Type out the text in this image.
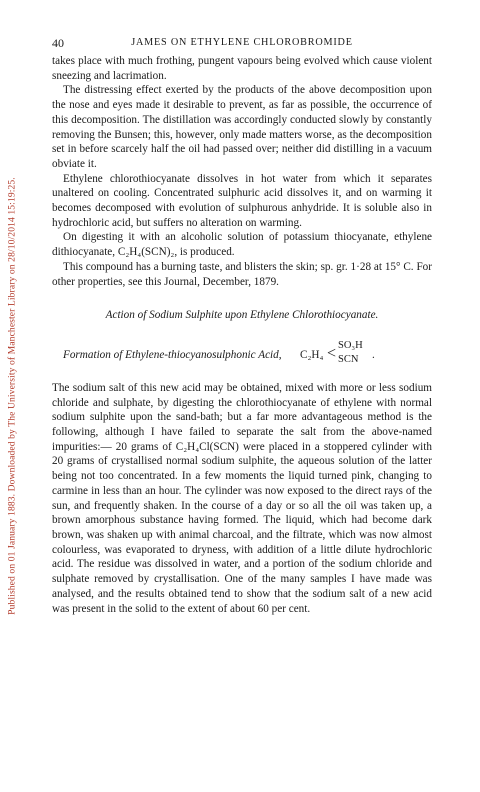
Published on 01 January 1883. Downloaded by The University of Manchester Library on 28/10/2014 15:19:25.
40	JAMES ON ETHYLENE CHLOROBROMIDE

takes place with much frothing, pungent vapours being evolved which cause violent sneezing and lacrimation.

The distressing effect exerted by the products of the above decomposition upon the nose and eyes made it desirable to prevent, as far as possible, the occurrence of this decomposition. The distillation was accordingly conducted slowly by constantly removing the Bunsen; this, however, only made matters worse, as the decomposition set in before scarcely half the oil had passed over; neither did distilling in a vacuum obviate it.

Ethylene chlorothiocyanate dissolves in hot water from which it separates unaltered on cooling. Concentrated sulphuric acid dissolves it, and on warming it becomes decomposed with evolution of sulphurous anhydride. It is soluble also in hydrochloric acid, but suffers no alteration on warming.

On digesting it with an alcoholic solution of potassium thiocyanate, ethylene dithiocyanate, C₂H₄(SCN)₂, is produced.

This compound has a burning taste, and blisters the skin; sp. gr. 1·28 at 15° C. For other properties, see this Journal, December, 1879.

Action of Sodium Sulphite upon Ethylene Chlorothiocyanate.

Formation of Ethylene-thiocyanosulphonic Acid, C₂H₄ < SO₃H
SCN .

The sodium salt of this new acid may be obtained, mixed with more or less sodium chloride and sulphate, by digesting the chlorothiocyanate of ethylene with normal sodium sulphite upon the sand-bath; but a far more advantageous method is the following, although I have failed to separate the salt from the above-named impurities:— 20 grams of C₂H₄Cl(SCN) were placed in a stoppered cylinder with 20 grams of crystallised normal sodium sulphite, the aqueous solution of the latter being not too concentrated. In a few moments the liquid turned pink, changing to carmine in less than an hour. The cylinder was now exposed to the direct rays of the sun, and frequently shaken. In the course of a day or so all the oil was taken up, a brown amorphous substance having formed. The liquid, which had become dark brown, was shaken up with animal charcoal, and the filtrate, which was now almost colourless, was evaporated to dryness, with addition of a little dilute hydrochloric acid. The residue was dissolved in water, and a portion of the sodium chloride and sulphate removed by crystallisation. One of the many samples I have made was analysed, and the results obtained tend to show that the sodium salt of a new acid was present in the solid to the extent of about 60 per cent.
